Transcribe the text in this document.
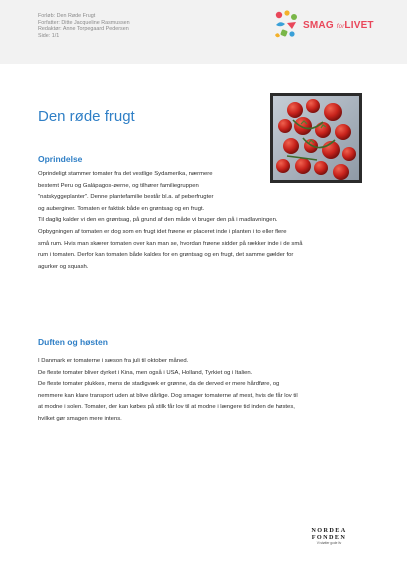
Forløb: Den Røde Frugt
Forfatter: Ditte Jacqueline Rasmussen
Redaktør: Anne Torpegaard Pedersen
Side: 1/1
SMAG forLIVET
Den røde frugt
Oprindelse
Oprindeligt stammer tomater fra det vestlige Sydamerika, nærmere
bestemt Peru og Galápagos-øerne, og tilhører familiegruppen
"natskyggeplanter". Denne plantefamilie består bl.a. af peberfrugter
og auberginer. Tomaten er faktisk både en grøntsag og en frugt.
Til daglig kalder vi den en grøntsag, på grund af den måde vi bruger den på i madlavningen.
Opbygningen af tomaten er dog som en frugt idet frøene er placeret inde i planten i to eller flere
små rum. Hvis man skærer tomaten over kan man se, hvordan frøene sidder på rækker inde i de små
rum i tomaten. Derfor kan tomaten både kaldes for en grøntsag og en frugt, det samme gælder for
agurker og squash.
Duften og høsten
I Danmark er tomaterne i sæson fra juli til oktober måned.
De fleste tomater bliver dyrket i Kina, men også i USA, Holland, Tyrkiet og i Italien.
De fleste tomater plukkes, mens de stadigvæk er grønne, da de derved er mere hårdføre, og
nemmere kan klare transport uden at blive dårlige. Dog smager tomaterne af mest, hvis de får lov til
at modne i solen. Tomater, der kan købes på stilk får lov til at modne i længere tid inden de høstes,
hvilket gør smagen mere intens.
NORDEA
FONDEN
Vi støtter gode liv
